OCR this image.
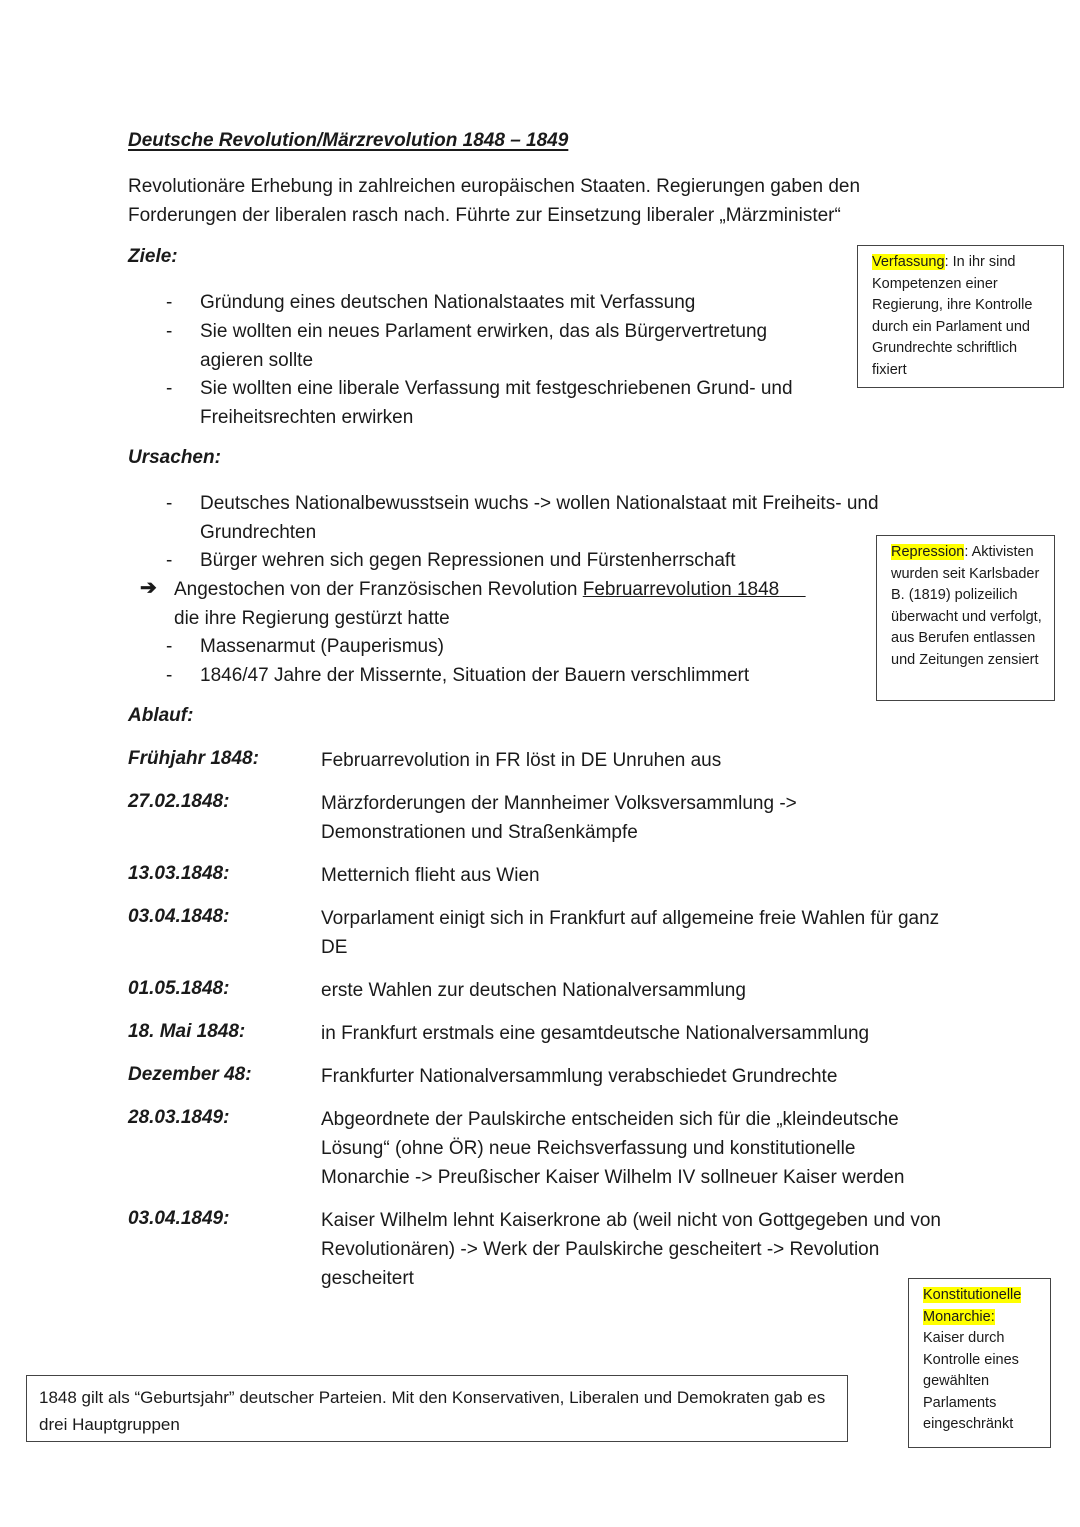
Deutsche Revolution/Märzrevolution 1848 – 1849
Revolutionäre Erhebung in zahlreichen europäischen Staaten. Regierungen gaben den Forderungen der liberalen rasch nach. Führte zur Einsetzung liberaler „Märzminister“
Ziele:
- Gründung eines deutschen Nationalstaates mit Verfassung
- Sie wollten ein neues Parlament erwirken, das als Bürgervertretung agieren sollte
- Sie wollten eine liberale Verfassung mit festgeschriebenen Grund- und Freiheitsrechten erwirken
Verfassung: In ihr sind Kompetenzen einer Regierung, ihre Kontrolle durch ein Parlament und Grundrechte schriftlich fixiert
Ursachen:
- Deutsches Nationalbewusstsein wuchs -> wollen Nationalstaat mit Freiheits- und Grundrechten
- Bürger wehren sich gegen Repressionen und Fürstenherrschaft
➔ Angestochen von der Französischen Revolution Februarrevolution 1848
die ihre Regierung gestürzt hatte
- Massenarmut (Pauperismus)
- 1846/47 Jahre der Missernte, Situation der Bauern verschlimmert
Repression: Aktivisten wurden seit Karlsbader B. (1819) polizeilich überwacht und verfolgt, aus Berufen entlassen und Zeitungen zensiert
Ablauf:
Frühjahr 1848:	Februarrevolution in FR löst in DE Unruhen aus
27.02.1848:	Märzforderungen der Mannheimer Volksversammlung -> Demonstrationen und Straßenkämpfe
13.03.1848:	Metternich flieht aus Wien
03.04.1848:	Vorparlament einigt sich in Frankfurt auf allgemeine freie Wahlen für ganz DE
01.05.1848:	erste Wahlen zur deutschen Nationalversammlung
18. Mai 1848:	in Frankfurt erstmals eine gesamtdeutsche Nationalversammlung
Dezember 48:	Frankfurter Nationalversammlung verabschiedet Grundrechte
28.03.1849:	Abgeordnete der Paulskirche entscheiden sich für die „kleindeutsche Lösung“ (ohne ÖR) neue Reichsverfassung und konstitutionelle Monarchie -> Preußischer Kaiser Wilhelm IV sollneuer Kaiser werden
03.04.1849:	Kaiser Wilhelm lehnt Kaiserkrone ab (weil nicht von Gottgegeben und von Revolutionären) -> Werk der Paulskirche gescheitert -> Revolution gescheitert
Konstitutionelle Monarchie:
Kaiser durch Kontrolle eines gewählten Parlaments eingeschränkt
1848 gilt als “Geburtsjahr” deutscher Parteien. Mit den Konservativen, Liberalen und Demokraten gab es drei Hauptgruppen
